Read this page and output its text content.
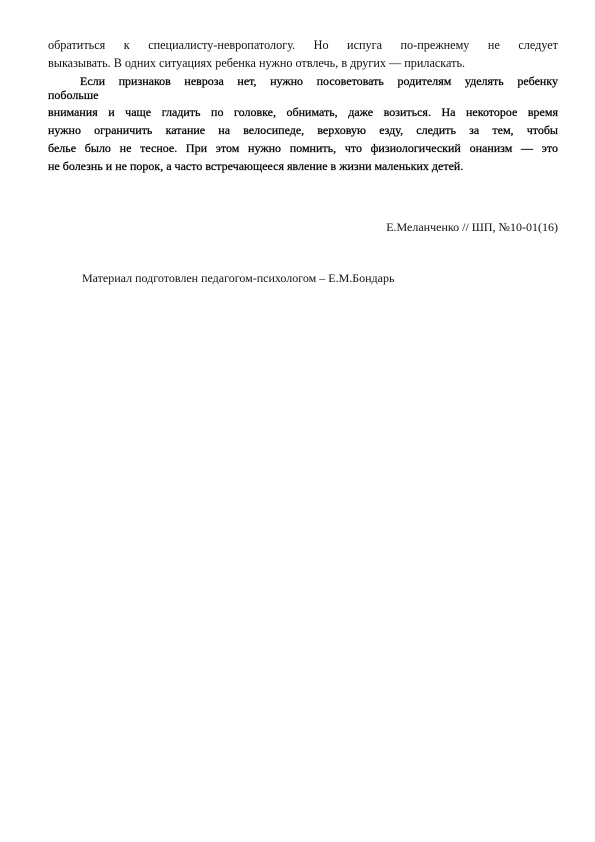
обратиться к специалисту-невропатологу. Но испуга по-прежнему не следует
выказывать. В одних ситуациях ребенка нужно отвлечь, в других — приласкать.
Если признаков невроза нет, нужно посоветовать родителям уделять ребенку
побольше
внимания и чаще гладить по головке, обнимать, даже возиться. На некоторое время
нужно ограничить катание на велосипеде, верховую езду, следить за тем, чтобы
белье было не тесное. При этом нужно помнить, что физиологический онанизм — это
не болезнь и не порок, а часто встречающееся явление в жизни маленьких детей.
Е.Меланченко // ШП, №10-01(16)
Материал подготовлен педагогом-психологом – Е.М.Бондарь
